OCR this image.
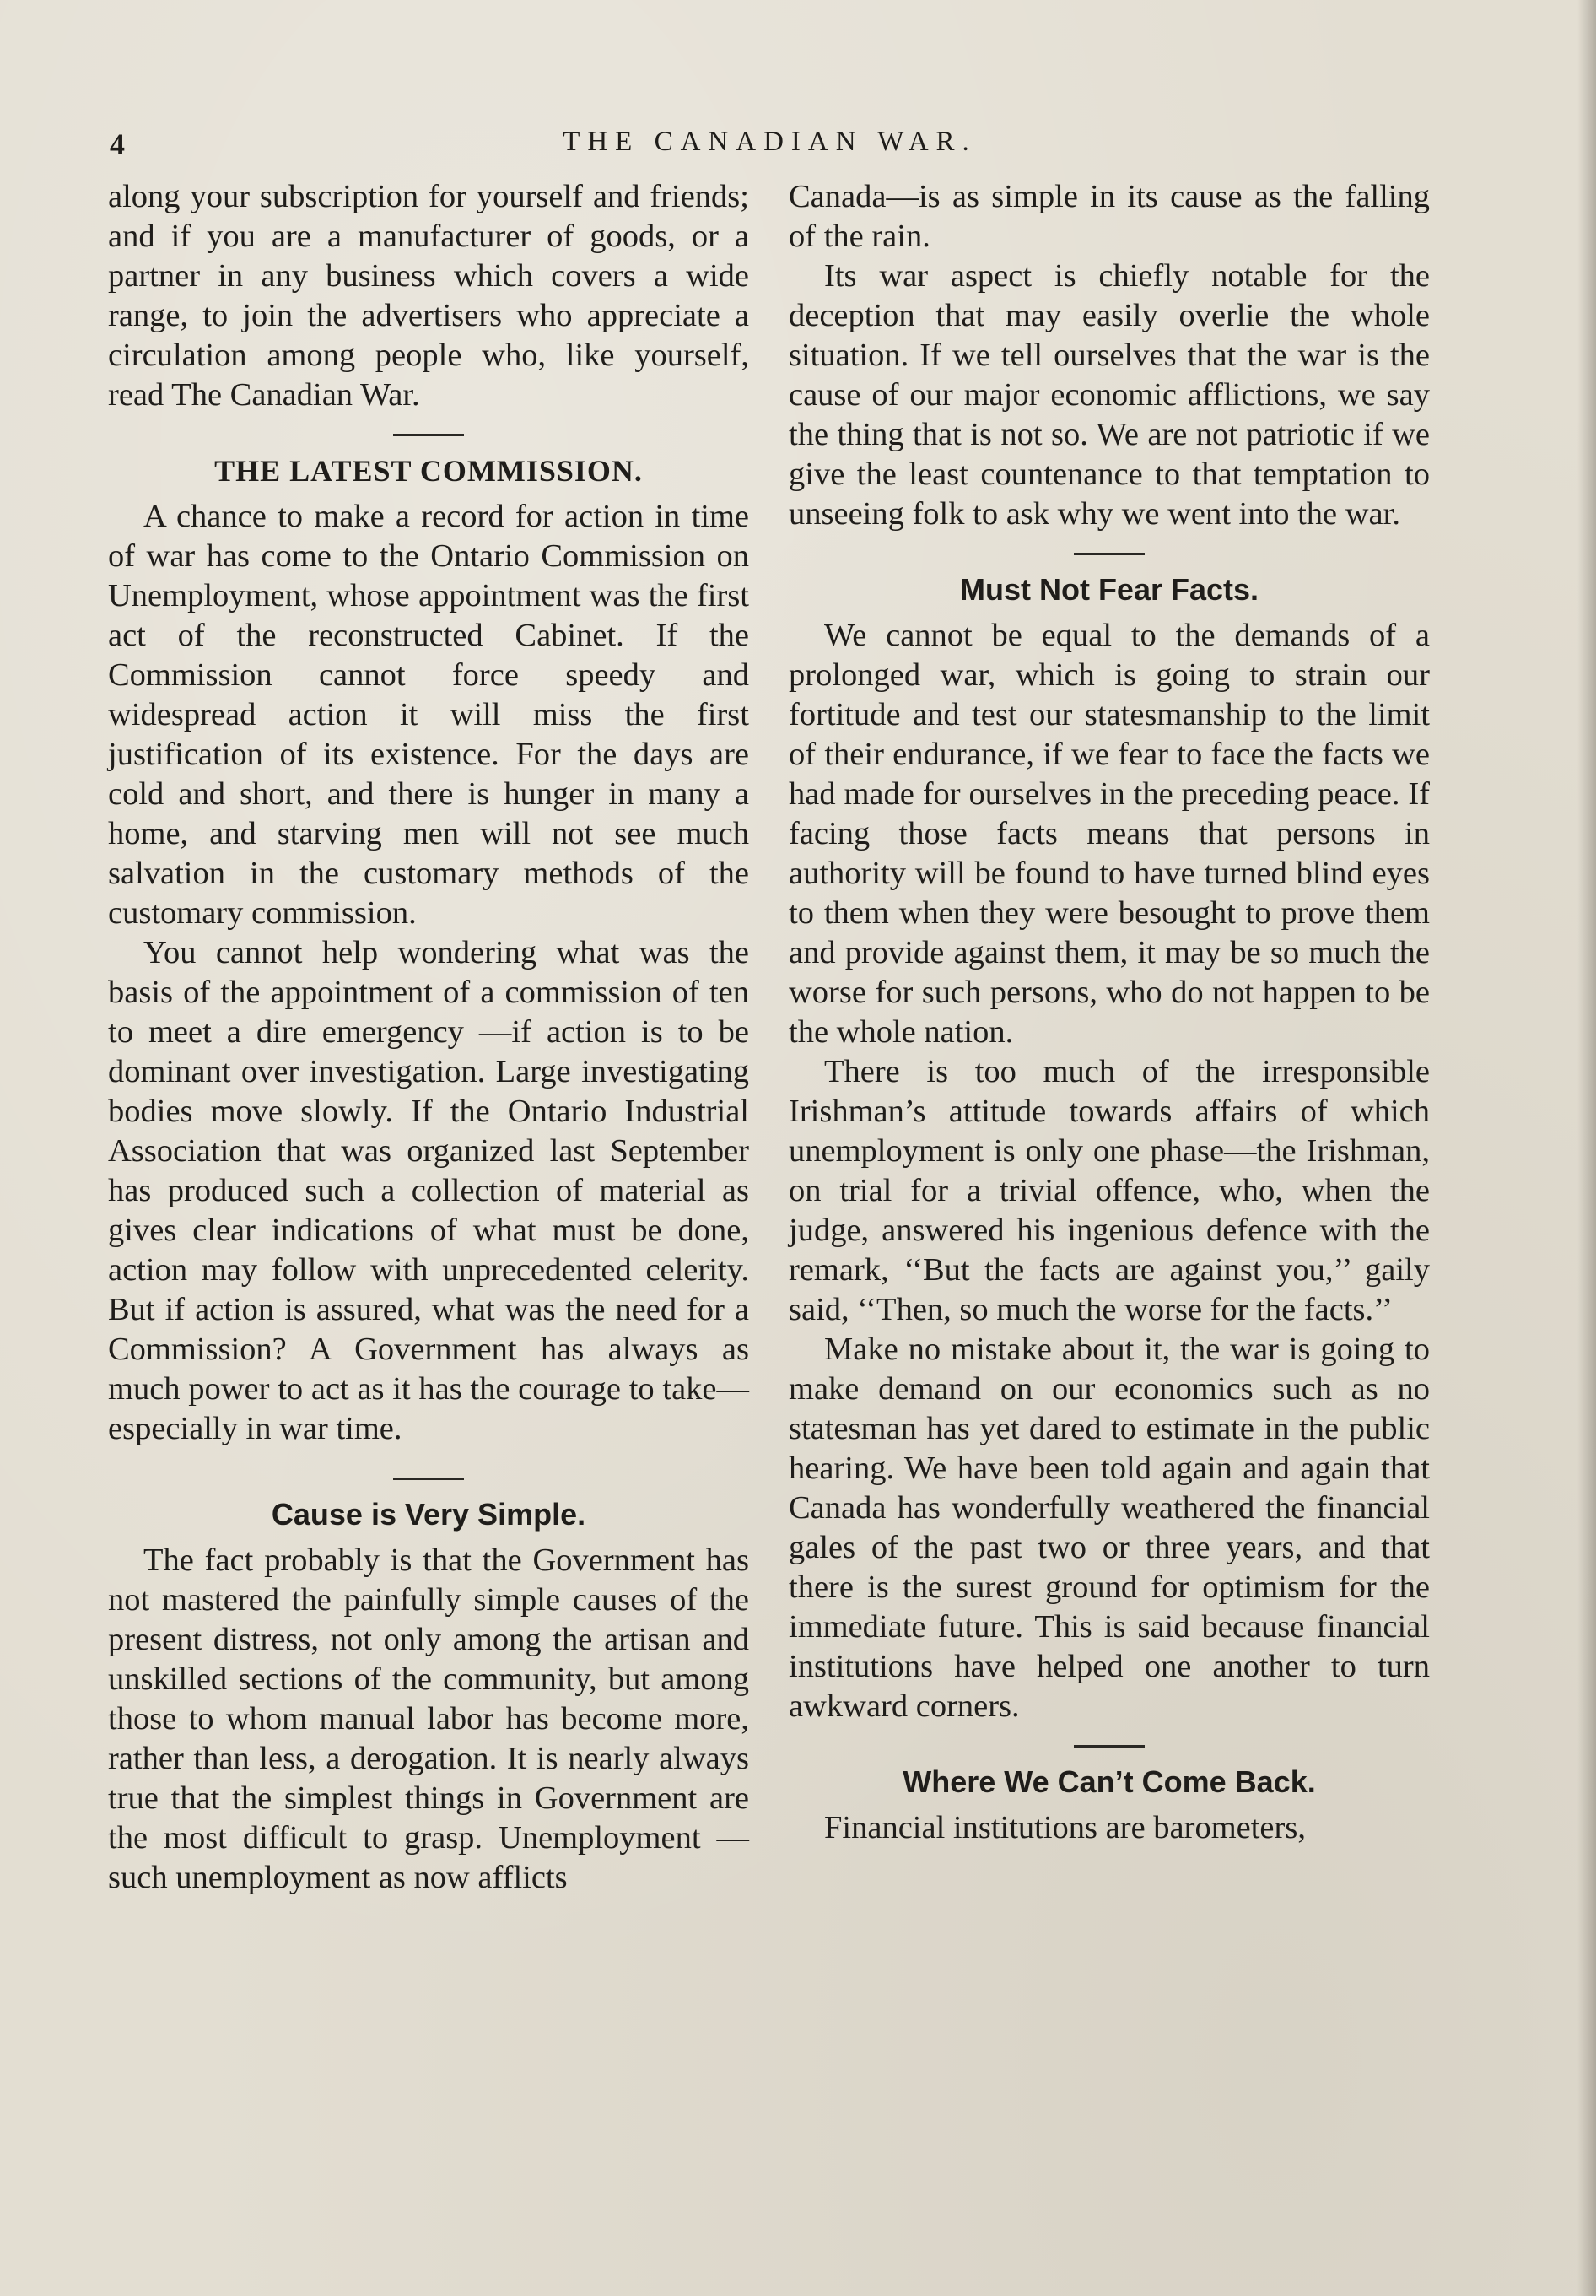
4	THE CANADIAN WAR.

along your subscription for yourself and friends; and if you are a manufacturer of goods, or a partner in any business which covers a wide range, to join the advertisers who appreciate a circulation among people who, like yourself, read The Canadian War.

THE LATEST COMMISSION.

A chance to make a record for action in time of war has come to the Ontario Commission on Unemployment, whose appointment was the first act of the reconstructed Cabinet. If the Commission cannot force speedy and widespread action it will miss the first justification of its existence. For the days are cold and short, and there is hunger in many a home, and starving men will not see much salvation in the customary methods of the customary commission.

You cannot help wondering what was the basis of the appointment of a commission of ten to meet a dire emergency —if action is to be dominant over investigation. Large investigating bodies move slowly. If the Ontario Industrial Association that was organized last September has produced such a collection of material as gives clear indications of what must be done, action may follow with unprecedented celerity. But if action is assured, what was the need for a Commission? A Government has always as much power to act as it has the courage to take—especially in war time.

Cause is Very Simple.

The fact probably is that the Government has not mastered the painfully simple causes of the present distress, not only among the artisan and unskilled sections of the community, but among those to whom manual labor has become more, rather than less, a derogation. It is nearly always true that the simplest things in Government are the most difficult to grasp. Unemployment —such unemployment as now afflicts

Canada—is as simple in its cause as the falling of the rain.

Its war aspect is chiefly notable for the deception that may easily overlie the whole situation. If we tell ourselves that the war is the cause of our major economic afflictions, we say the thing that is not so. We are not patriotic if we give the least countenance to that temptation to unseeing folk to ask why we went into the war.

Must Not Fear Facts.

We cannot be equal to the demands of a prolonged war, which is going to strain our fortitude and test our statesmanship to the limit of their endurance, if we fear to face the facts we had made for ourselves in the preceding peace. If facing those facts means that persons in authority will be found to have turned blind eyes to them when they were besought to prove them and provide against them, it may be so much the worse for such persons, who do not happen to be the whole nation.

There is too much of the irresponsible Irishman’s attitude towards affairs of which unemployment is only one phase—the Irishman, on trial for a trivial offence, who, when the judge, answered his ingenious defence with the remark, ‘‘But the facts are against you,’’ gaily said, ‘‘Then, so much the worse for the facts.’’

Make no mistake about it, the war is going to make demand on our economics such as no statesman has yet dared to estimate in the public hearing. We have been told again and again that Canada has wonderfully weathered the financial gales of the past two or three years, and that there is the surest ground for optimism for the immediate future. This is said because financial institutions have helped one another to turn awkward corners.

Where We Can’t Come Back.

Financial institutions are barometers,
